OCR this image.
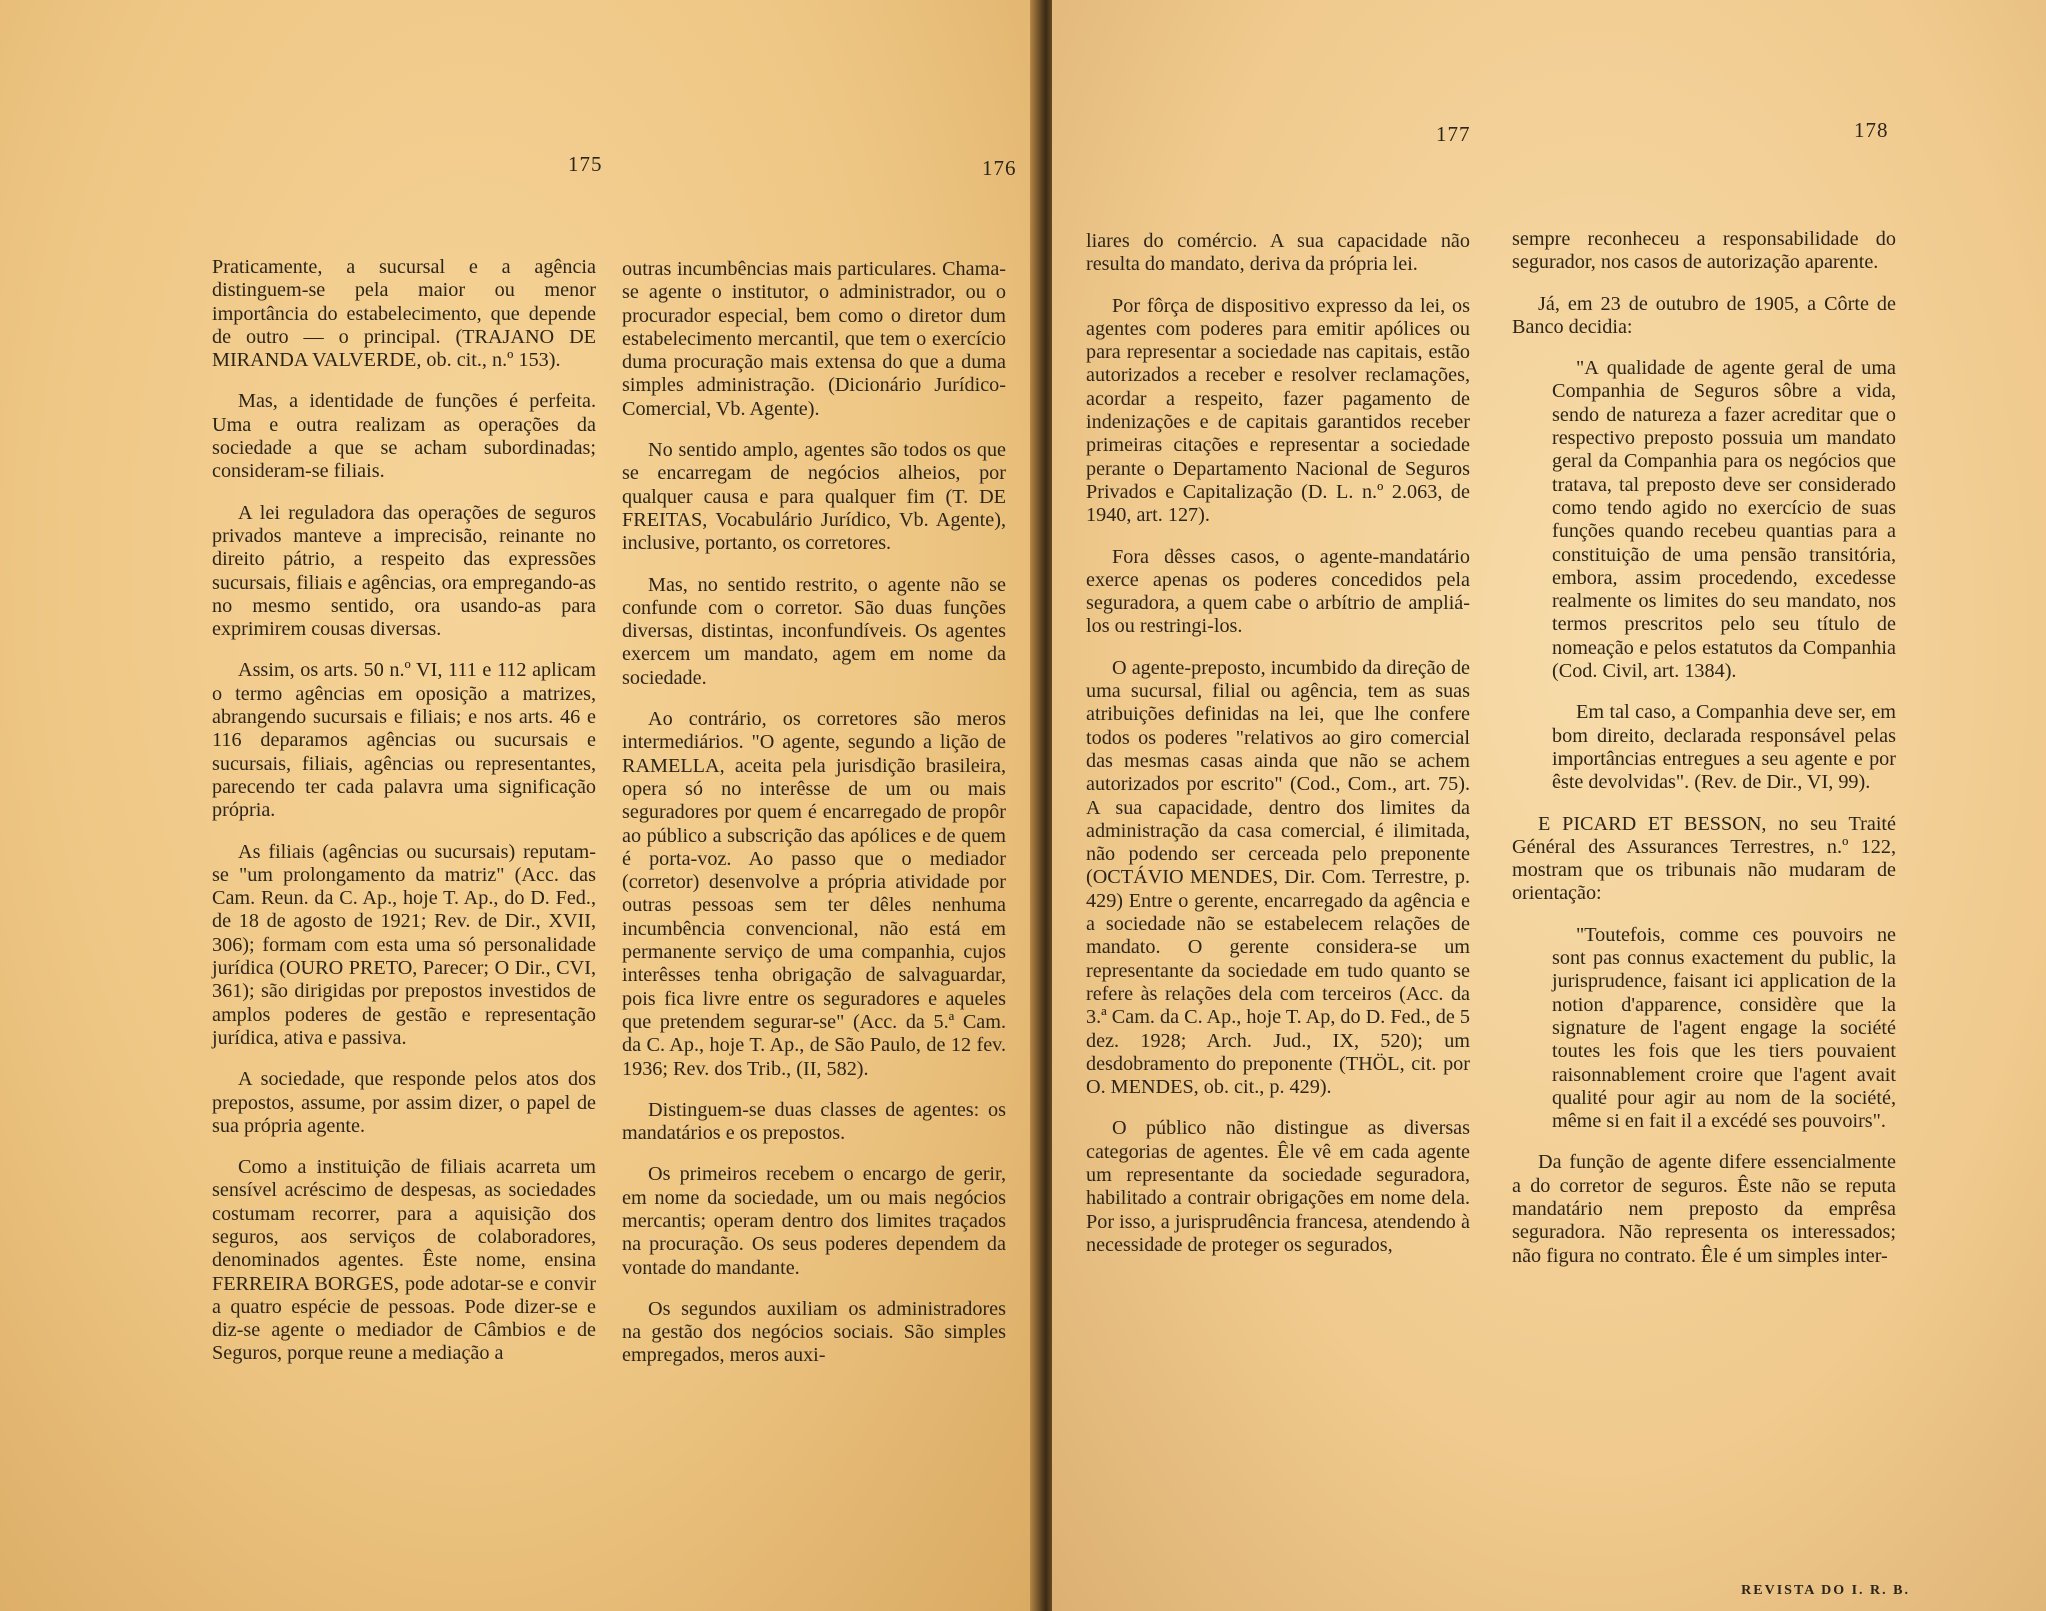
175	176

Praticamente, a sucursal e a agência distinguem-se pela maior ou menor importância do estabelecimento, que depende de outro — o principal. (TRAJANO DE MIRANDA VALVERDE, ob. cit., n.º 153).

Mas, a identidade de funções é perfeita. Uma e outra realizam as operações da sociedade a que se acham subordinadas; consideram-se filiais.

A lei reguladora das operações de seguros privados manteve a imprecisão, reinante no direito pátrio, a respeito das expressões sucursais, filiais e agências, ora empregando-as no mesmo sentido, ora usando-as para exprimirem cousas diversas.

Assim, os arts. 50 n.º VI, 111 e 112 aplicam o termo agências em oposição a matrizes, abrangendo sucursais e filiais; e nos arts. 46 e 116 deparamos agências ou sucursais e sucursais, filiais, agências ou representantes, parecendo ter cada palavra uma significação própria.

As filiais (agências ou sucursais) reputam-se "um prolongamento da matriz" (Acc. das Cam. Reun. da C. Ap., hoje T. Ap., do D. Fed., de 18 de agosto de 1921; Rev. de Dir., XVII, 306); formam com esta uma só personalidade jurídica (OURO PRETO, Parecer; O Dir., CVI, 361); são dirigidas por prepostos investidos de amplos poderes de gestão e representação jurídica, ativa e passiva.

A sociedade, que responde pelos atos dos prepostos, assume, por assim dizer, o papel de sua própria agente.

Como a instituição de filiais acarreta um sensível acréscimo de despesas, as sociedades costumam recorrer, para a aquisição dos seguros, aos serviços de colaboradores, denominados agentes. Êste nome, ensina FERREIRA BORGES, pode adotar-se e convir a quatro espécie de pessoas. Pode dizer-se e diz-se agente o mediador de Câmbios e de Seguros, porque reune a mediação a

outras incumbências mais particulares. Chama-se agente o institutor, o administrador, ou o procurador especial, bem como o diretor dum estabelecimento mercantil, que tem o exercício duma procuração mais extensa do que a duma simples administração. (Dicionário Jurídico-Comercial, Vb. Agente).

No sentido amplo, agentes são todos os que se encarregam de negócios alheios, por qualquer causa e para qualquer fim (T. DE FREITAS, Vocabulário Jurídico, Vb. Agente), inclusive, portanto, os corretores.

Mas, no sentido restrito, o agente não se confunde com o corretor. São duas funções diversas, distintas, inconfundíveis. Os agentes exercem um mandato, agem em nome da sociedade.

Ao contrário, os corretores são meros intermediários. "O agente, segundo a lição de RAMELLA, aceita pela jurisdição brasileira, opera só no interêsse de um ou mais seguradores por quem é encarregado de propôr ao público a subscrição das apólices e de quem é porta-voz. Ao passo que o mediador (corretor) desenvolve a própria atividade por outras pessoas sem ter dêles nenhuma incumbência convencional, não está em permanente serviço de uma companhia, cujos interêsses tenha obrigação de salvaguardar, pois fica livre entre os seguradores e aqueles que pretendem segurar-se" (Acc. da 5.ª Cam. da C. Ap., hoje T. Ap., de São Paulo, de 12 fev. 1936; Rev. dos Trib., (II, 582).

Distinguem-se duas classes de agentes: os mandatários e os prepostos.

Os primeiros recebem o encargo de gerir, em nome da sociedade, um ou mais negócios mercantis; operam dentro dos limites traçados na procuração. Os seus poderes dependem da vontade do mandante.

Os segundos auxiliam os administradores na gestão dos negócios sociais. São simples empregados, meros auxi-

177	178

liares do comércio. A sua capacidade não resulta do mandato, deriva da própria lei.

Por fôrça de dispositivo expresso da lei, os agentes com poderes para emitir apólices ou para representar a sociedade nas capitais, estão autorizados a receber e resolver reclamações, acordar a respeito, fazer pagamento de indenizações e de capitais garantidos receber primeiras citações e representar a sociedade perante o Departamento Nacional de Seguros Privados e Capitalização (D. L. n.º 2.063, de 1940, art. 127).

Fora dêsses casos, o agente-mandatário exerce apenas os poderes concedidos pela seguradora, a quem cabe o arbítrio de ampliá-los ou restringi-los.

O agente-preposto, incumbido da direção de uma sucursal, filial ou agência, tem as suas atribuições definidas na lei, que lhe confere todos os poderes "relativos ao giro comercial das mesmas casas ainda que não se achem autorizados por escrito" (Cod., Com., art. 75). A sua capacidade, dentro dos limites da administração da casa comercial, é ilimitada, não podendo ser cerceada pelo preponente (OCTÁVIO MENDES, Dir. Com. Terrestre, p. 429) Entre o gerente, encarregado da agência e a sociedade não se estabelecem relações de mandato. O gerente considera-se um representante da sociedade em tudo quanto se refere às relações dela com terceiros (Acc. da 3.ª Cam. da C. Ap., hoje T. Ap, do D. Fed., de 5 dez. 1928; Arch. Jud., IX, 520); um desdobramento do preponente (THÖL, cit. por O. MENDES, ob. cit., p. 429).

O público não distingue as diversas categorias de agentes. Êle vê em cada agente um representante da sociedade seguradora, habilitado a contrair obrigações em nome dela. Por isso, a jurisprudência francesa, atendendo à necessidade de proteger os segurados,

sempre reconheceu a responsabilidade do segurador, nos casos de autorização aparente.

Já, em 23 de outubro de 1905, a Côrte de Banco decidia:

"A qualidade de agente geral de uma Companhia de Seguros sôbre a vida, sendo de natureza a fazer acreditar que o respectivo preposto possuia um mandato geral da Companhia para os negócios que tratava, tal preposto deve ser considerado como tendo agido no exercício de suas funções quando recebeu quantias para a constituição de uma pensão transitória, embora, assim procedendo, excedesse realmente os limites do seu mandato, nos termos prescritos pelo seu título de nomeação e pelos estatutos da Companhia (Cod. Civil, art. 1384).

Em tal caso, a Companhia deve ser, em bom direito, declarada responsável pelas importâncias entregues a seu agente e por êste devolvidas". (Rev. de Dir., VI, 99).

E PICARD ET BESSON, no seu Traité Général des Assurances Terrestres, n.º 122, mostram que os tribunais não mudaram de orientação:

"Toutefois, comme ces pouvoirs ne sont pas connus exactement du public, la jurisprudence, faisant ici application de la notion d'apparence, considère que la signature de l'agent engage la société toutes les fois que les tiers pouvaient raisonnablement croire que l'agent avait qualité pour agir au nom de la société, même si en fait il a excédé ses pouvoirs".

Da função de agente difere essencialmente a do corretor de seguros. Êste não se reputa mandatário nem preposto da emprêsa seguradora. Não representa os interessados; não figura no contrato. Êle é um simples inter-

REVISTA DO I. R. B.
